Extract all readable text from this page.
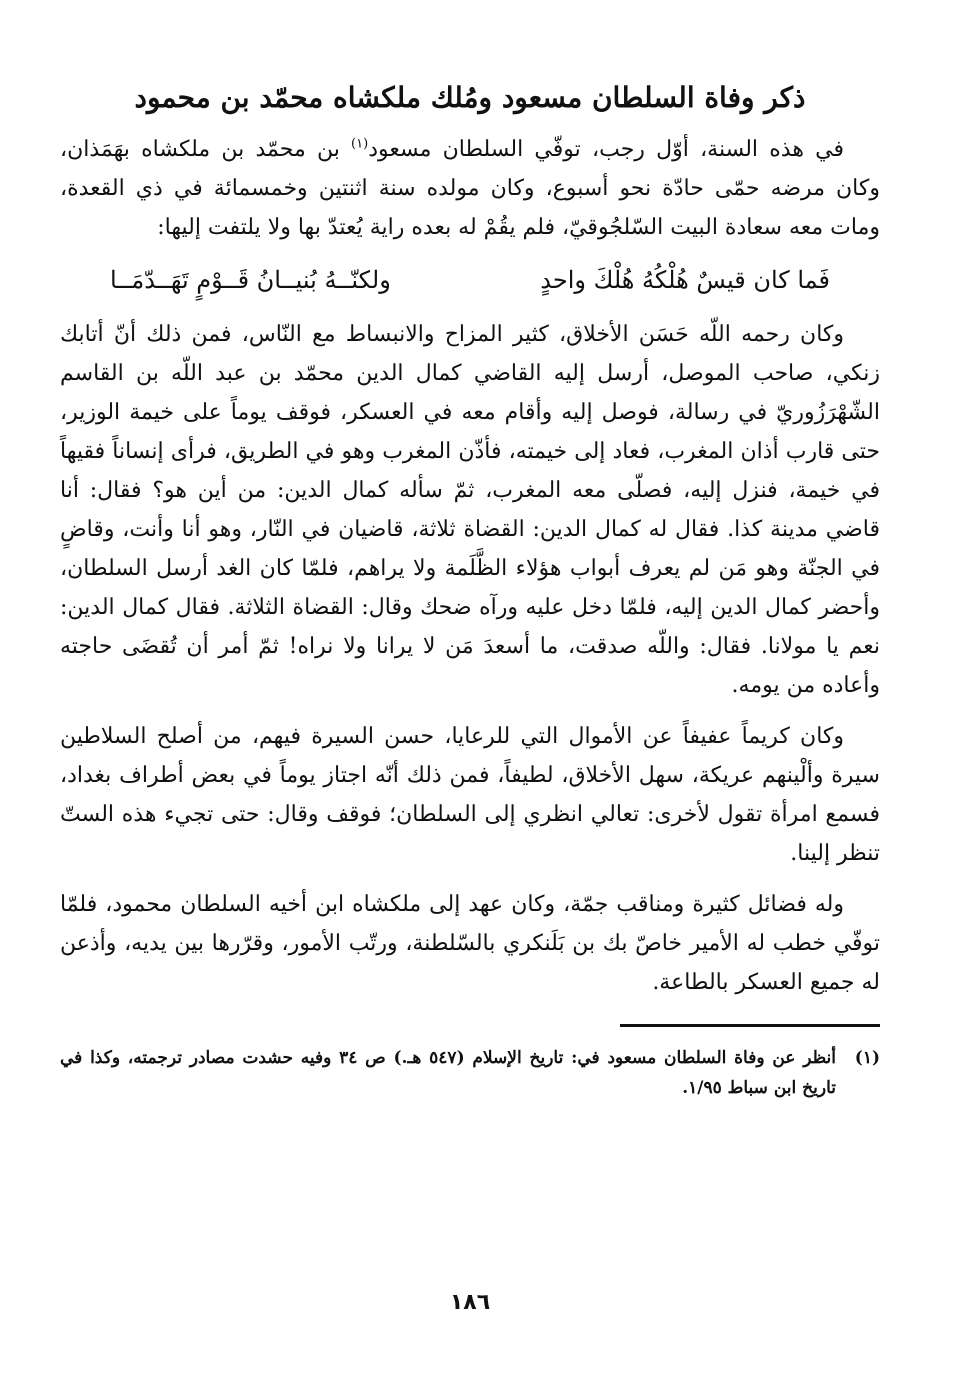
ذكر وفاة السلطان مسعود ومُلك ملكشاه محمّد بن محمود

في هذه السنة، أوّل رجب، توفّي السلطان مسعود$^{(١)}$ بن محمّد بن ملكشاه بهَمَذان، وكان مرضه حمّى حادّة نحو أسبوع، وكان مولده سنة اثنتين وخمسمائة في ذي القعدة، ومات معه سعادة البيت السّلجُوقيّ، فلم يقُمْ له بعده راية يُعتدّ بها ولا يلتفت إليها:

فَما كان قيسٌ هُلْكُهُ هُلْكَ واحدٍ
ولكنّــهُ بُنيــانُ قَــوْمٍ تَهَــدّمَــا

وكان رحمه اللّه حَسَن الأخلاق، كثير المزاح والانبساط مع النّاس، فمن ذلك أنّ أتابك زنكي، صاحب الموصل، أرسل إليه القاضي كمال الدين محمّد بن عبد اللّه بن القاسم الشّهْرَزُوريّ في رسالة، فوصل إليه وأقام معه في العسكر، فوقف يوماً على خيمة الوزير، حتى قارب أذان المغرب، فعاد إلى خيمته، فأذّن المغرب وهو في الطريق، فرأى إنساناً فقيهاً في خيمة، فنزل إليه، فصلّى معه المغرب، ثمّ سأله كمال الدين: من أين هو؟ فقال: أنا قاضي مدينة كذا. فقال له كمال الدين: القضاة ثلاثة، قاضيان في النّار، وهو أنا وأنت، وقاضٍ في الجنّة وهو مَن لم يعرف أبواب هؤلاء الظَّلَمة ولا يراهم، فلمّا كان الغد أرسل السلطان، وأحضر كمال الدين إليه، فلمّا دخل عليه ورآه ضحك وقال: القضاة الثلاثة. فقال كمال الدين: نعم يا مولانا. فقال: واللّه صدقت، ما أسعدَ مَن لا يرانا ولا نراه! ثمّ أمر أن تُقضَى حاجته وأعاده من يومه.

وكان كريماً عفيفاً عن الأموال التي للرعايا، حسن السيرة فيهم، من أصلح السلاطين سيرة وألْينهم عريكة، سهل الأخلاق، لطيفاً، فمن ذلك أنّه اجتاز يوماً في بعض أطراف بغداد، فسمع امرأة تقول لأخرى: تعالي انظري إلى السلطان؛ فوقف وقال: حتى تجيء هذه الستّ تنظر إلينا.

وله فضائل كثيرة ومناقب جمّة، وكان عهد إلى ملكشاه ابن أخيه السلطان محمود، فلمّا توفّي خطب له الأمير خاصّ بك بن بَلَنكري بالسّلطنة، ورتّب الأمور، وقرّرها بين يديه، وأذعن له جميع العسكر بالطاعة.

(١)
أنظر عن وفاة السلطان مسعود في: تاريخ الإسلام (٥٤٧ هـ.) ص ٣٤ وفيه حشدت مصادر ترجمته، وكذا في تاريخ ابن سباط ١/٩٥.
١٨٦
